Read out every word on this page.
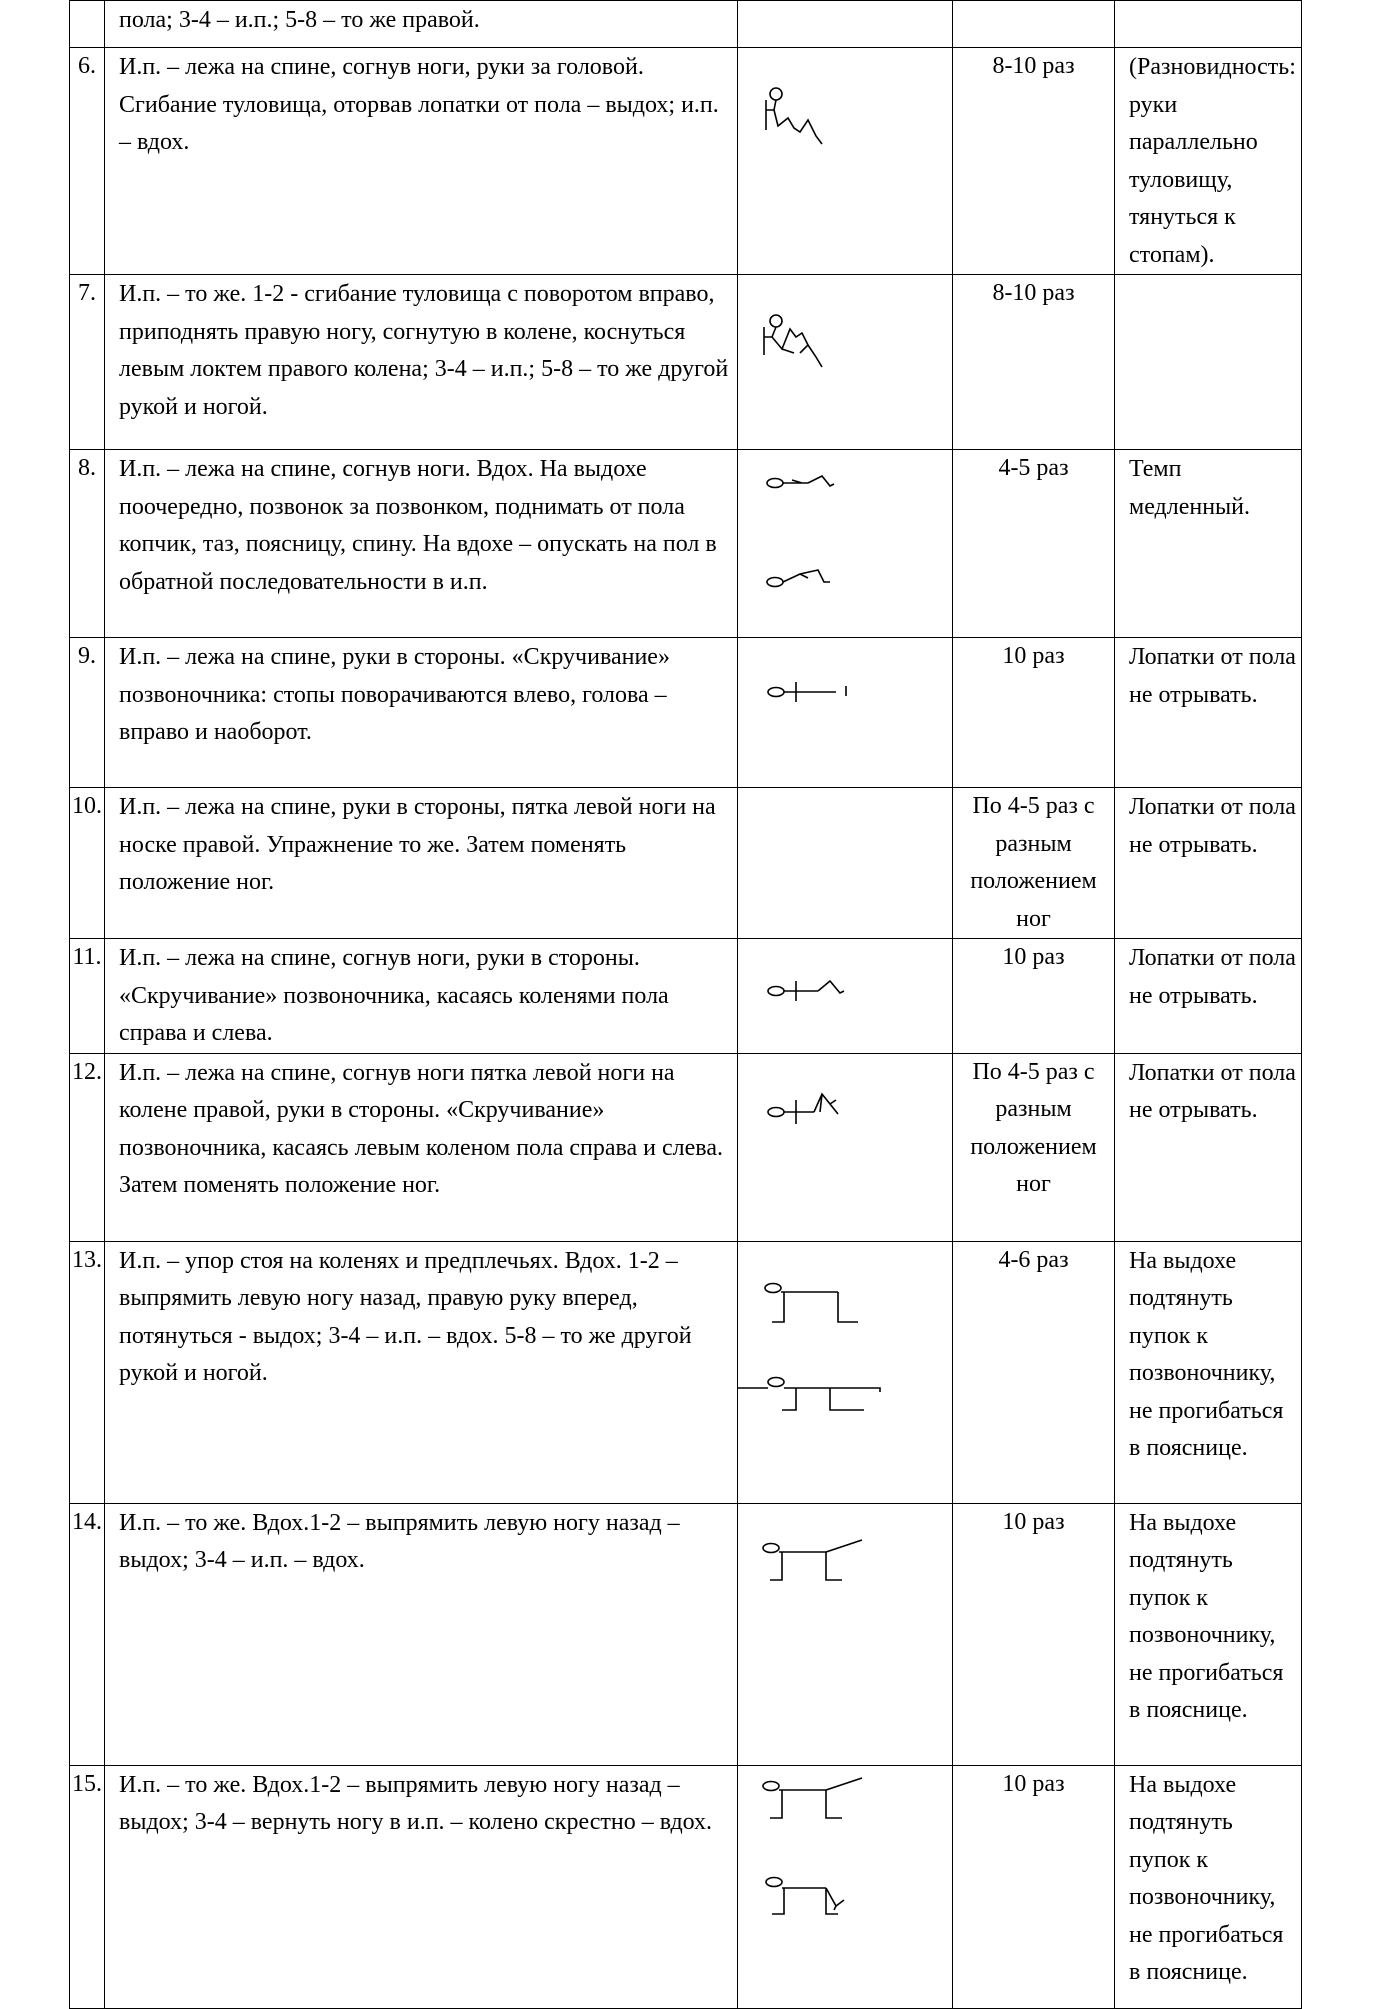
	пола; 3-4 – и.п.; 5-8 – то же правой.			
6.	И.п. – лежа на спине, согнув ноги, руки за головой. Сгибание туловища, оторвав лопатки от пола – выдох; и.п. – вдох.		8-10 раз	(Разновидность: руки параллельно туловищу, тянуться к стопам).
7.	И.п. – то же. 1-2 - сгибание туловища с поворотом вправо, приподнять правую ногу, согнутую в колене, коснуться левым локтем правого колена; 3-4 – и.п.; 5-8 – то же другой рукой и ногой.		8-10 раз	
8.	И.п. – лежа на спине, согнув ноги. Вдох. На выдохе поочередно, позвонок за позвонком, поднимать от пола копчик, таз, поясницу, спину. На вдохе – опускать на пол в обратной последовательности в и.п.		4-5 раз	Темп медленный.
9.	И.п. – лежа на спине, руки в стороны. «Скручивание» позвоночника: стопы поворачиваются влево, голова – вправо и наоборот.		10 раз	Лопатки от пола не отрывать.
10.	И.п. – лежа на спине, руки в стороны, пятка левой ноги на носке правой. Упражнение то же. Затем поменять положение ног.		По 4-5 раз с разным положением ног	Лопатки от пола не отрывать.
11.	И.п. – лежа на спине, согнув ноги, руки в стороны. «Скручивание» позвоночника, касаясь коленями пола справа и слева.		10 раз	Лопатки от пола не отрывать.
12.	И.п. – лежа на спине, согнув ноги пятка левой ноги на колене правой, руки в стороны. «Скручивание» позвоночника, касаясь левым коленом пола справа и слева. Затем поменять положение ног.		По 4-5 раз с разным положением ног	Лопатки от пола не отрывать.
13.	И.п. – упор стоя на коленях и предплечьях. Вдох. 1-2 – выпрямить левую ногу назад, правую руку вперед, потянуться - выдох; 3-4 – и.п. – вдох. 5-8 – то же другой рукой и ногой.		4-6 раз	На выдохе подтянуть пупок к позвоночнику, не прогибаться в пояснице.
14.	И.п. – то же. Вдох.1-2 – выпрямить левую ногу назад – выдох; 3-4 – и.п. – вдох.		10 раз	На выдохе подтянуть пупок к позвоночнику, не прогибаться в пояснице.
15.	И.п. – то же. Вдох.1-2 – выпрямить левую ногу назад – выдох; 3-4 – вернуть ногу в и.п. – колено скрестно – вдох.		10 раз	На выдохе подтянуть пупок к позвоночнику, не прогибаться в пояснице.
